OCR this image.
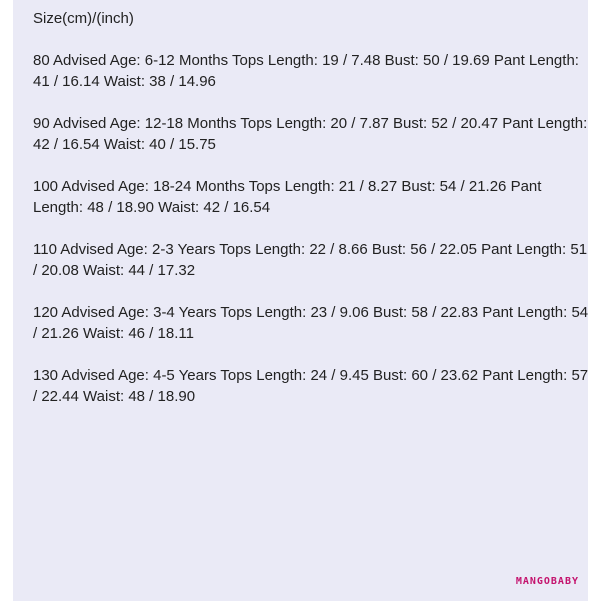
Size(cm)/(inch)
80 Advised Age: 6-12 Months Tops Length: 19 / 7.48 Bust: 50 / 19.69 Pant Length: 41 / 16.14 Waist: 38 / 14.96
90 Advised Age: 12-18 Months Tops Length: 20 / 7.87 Bust: 52 / 20.47 Pant Length: 42 / 16.54 Waist: 40 / 15.75
100 Advised Age: 18-24 Months Tops Length: 21 / 8.27 Bust: 54 / 21.26 Pant Length: 48 / 18.90 Waist: 42 / 16.54
110 Advised Age: 2-3 Years Tops Length: 22 / 8.66 Bust: 56 / 22.05 Pant Length: 51 / 20.08 Waist: 44 / 17.32
120 Advised Age: 3-4 Years Tops Length: 23 / 9.06 Bust: 58 / 22.83 Pant Length: 54 / 21.26 Waist: 46 / 18.11
130 Advised Age: 4-5 Years Tops Length: 24 / 9.45 Bust: 60 / 23.62 Pant Length: 57 / 22.44 Waist: 48 / 18.90
MANGOBABY
